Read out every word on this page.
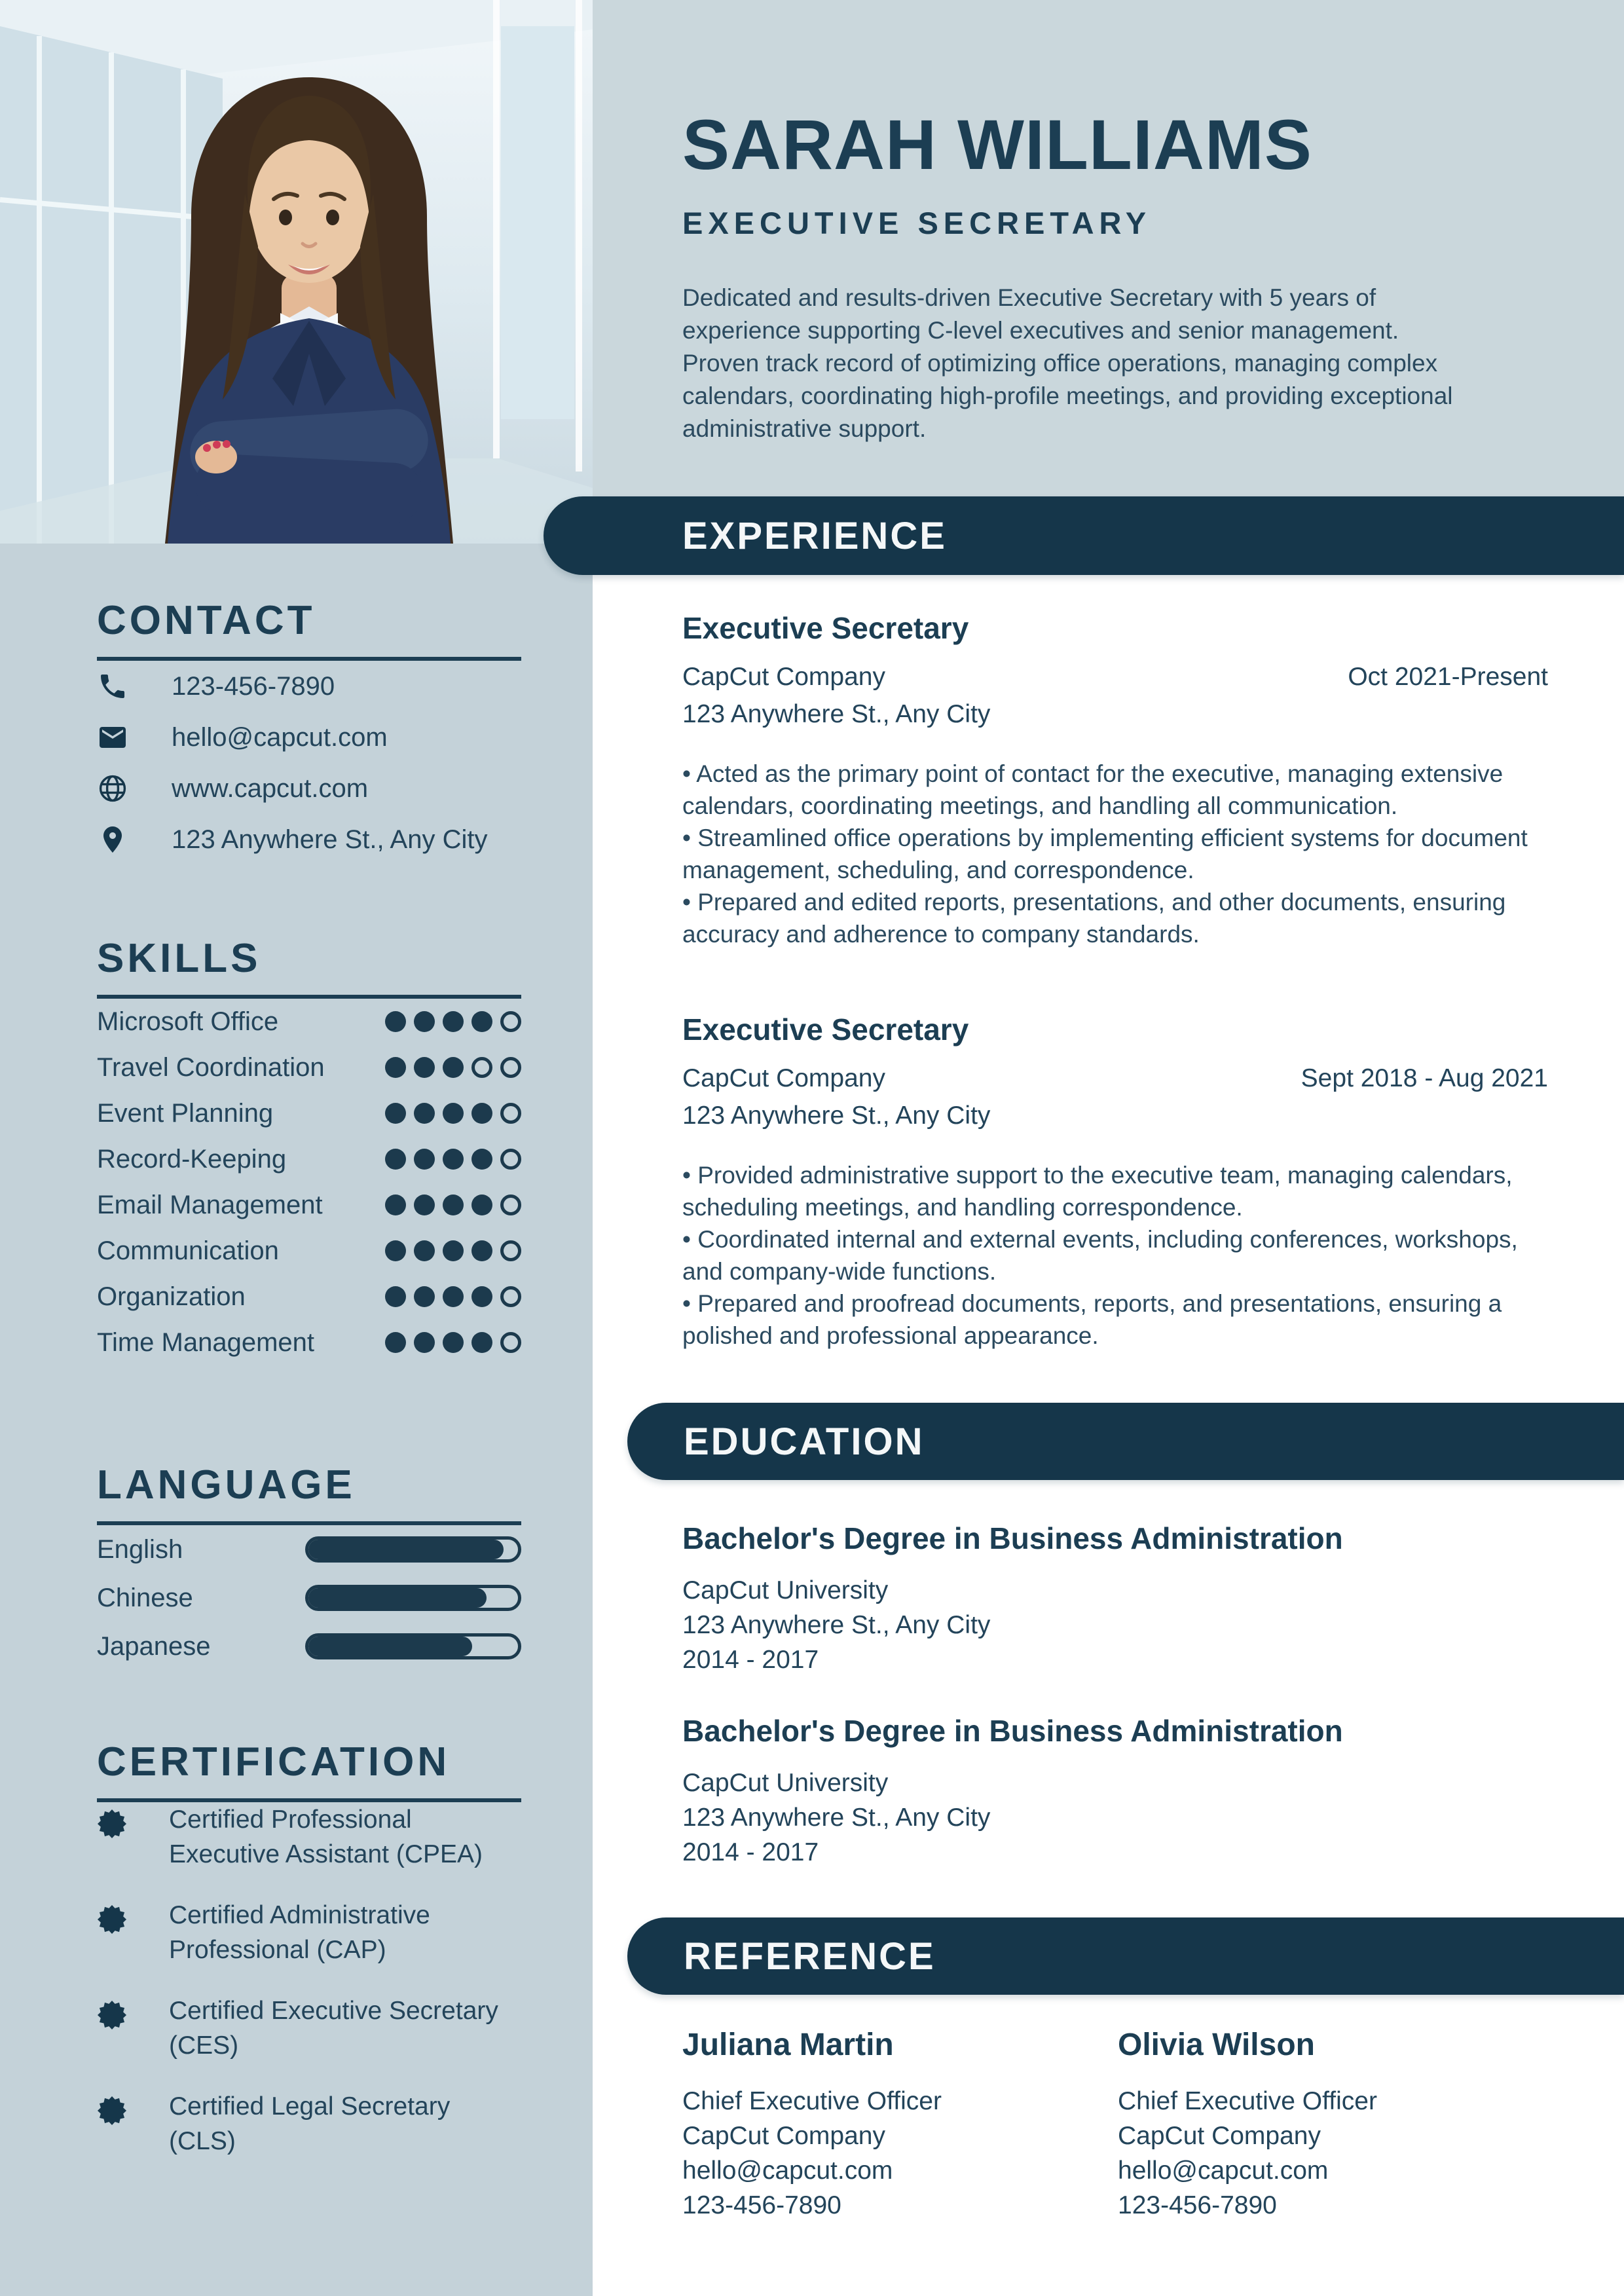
SARAH WILLIAMS
EXECUTIVE SECRETARY

Dedicated and results-driven Executive Secretary with 5 years of experience supporting C-level executives and senior management. Proven track record of optimizing office operations, managing complex calendars, coordinating high-profile meetings, and providing exceptional administrative support.

EXPERIENCE
EDUCATION
REFERENCE
CONTACT
123-456-7890
hello@capcut.com
www.capcut.com
123 Anywhere St., Any City
SKILLS
Microsoft Office
Travel Coordination
Event Planning
Record-Keeping
Email Management
Communication
Organization
Time Management
LANGUAGE
English
Chinese
Japanese
CERTIFICATION
Certified Professional Executive Assistant (CPEA)
Certified Administrative Professional (CAP)
Certified Executive Secretary (CES)
Certified Legal Secretary (CLS)
Executive Secretary
CapCut Company	Oct 2021-Present
123 Anywhere St., Any City
• Acted as the primary point of contact for the executive, managing extensive calendars, coordinating meetings, and handling all communication.
• Streamlined office operations by implementing efficient systems for document management, scheduling, and correspondence.
• Prepared and edited reports, presentations, and other documents, ensuring accuracy and adherence to company standards.
Executive Secretary
CapCut Company	Sept 2018 - Aug 2021
123 Anywhere St., Any City
• Provided administrative support to the executive team, managing calendars, scheduling meetings, and handling correspondence.
• Coordinated internal and external events, including conferences, workshops, and company-wide functions.
• Prepared and proofread documents, reports, and presentations, ensuring a polished and professional appearance.
Bachelor's Degree in Business Administration
CapCut University
123 Anywhere St., Any City
2014 - 2017
Bachelor's Degree in Business Administration
CapCut University
123 Anywhere St., Any City
2014 - 2017
Juliana Martin
Chief Executive Officer
CapCut Company
hello@capcut.com
123-456-7890
Olivia Wilson
Chief Executive Officer
CapCut Company
hello@capcut.com
123-456-7890
